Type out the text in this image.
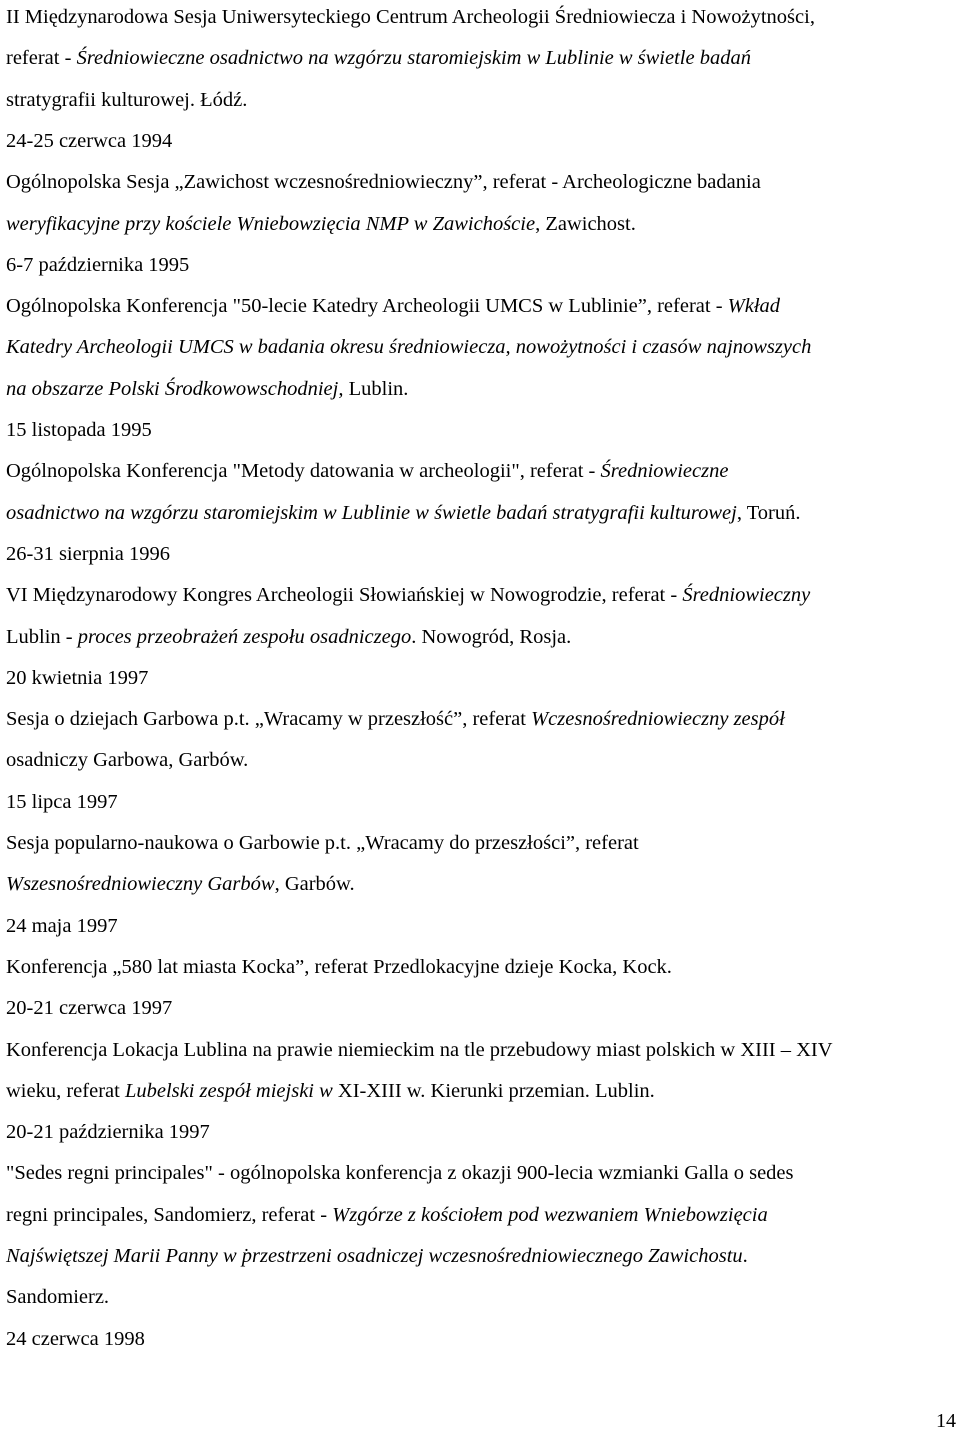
II Międzynarodowa Sesja Uniwersyteckiego Centrum Archeologii Średniowiecza i Nowożytności,
referat - Średniowieczne osadnictwo na wzgórzu staromiejskim w Lublinie w świetle badań
stratygrafii kulturowej. Łódź.
24-25 czerwca 1994
Ogólnopolska Sesja „Zawichost wczesnośredniowieczny”, referat - Archeologiczne badania
weryfikacyjne przy kościele Wniebowzięcia NMP w Zawichoście, Zawichost.
6-7 października 1995
Ogólnopolska Konferencja "50-lecie Katedry Archeologii UMCS w Lublinie”, referat - Wkład
Katedry Archeologii UMCS w badania okresu średniowiecza, nowożytności i czasów najnowszych
na obszarze Polski Środkowowschodniej, Lublin.
15 listopada 1995
Ogólnopolska Konferencja "Metody datowania w archeologii", referat - Średniowieczne
osadnictwo na wzgórzu staromiejskim w Lublinie w świetle badań stratygrafii kulturowej, Toruń.
26-31 sierpnia 1996
VI Międzynarodowy Kongres Archeologii Słowiańskiej w Nowogrodzie, referat - Średniowieczny
Lublin - proces przeobrażeń zespołu osadniczego. Nowogród, Rosja.
20 kwietnia 1997
Sesja o dziejach Garbowa p.t. „Wracamy w przeszłość”, referat Wczesnośredniowieczny zespół
osadniczy Garbowa, Garbów.
15 lipca 1997
Sesja popularno-naukowa o Garbowie p.t. „Wracamy do przeszłości”, referat
Wszesnośredniowieczny Garbów, Garbów.
24 maja 1997
Konferencja „580 lat miasta Kocka”, referat Przedlokacyjne dzieje Kocka, Kock.
20-21 czerwca 1997
Konferencja Lokacja Lublina na prawie niemieckim na tle przebudowy miast polskich w XIII – XIV
wieku, referat Lubelski zespół miejski w XI-XIII w. Kierunki przemian. Lublin.
20-21 października 1997
"Sedes regni principales" - ogólnopolska konferencja z okazji 900-lecia wzmianki Galla o sedes
regni principales, Sandomierz, referat - Wzgórze z kościołem pod wezwaniem Wniebowzięcia
Najświętszej Marii Panny w ̇przestrzeni osadniczej wczesnośredniowiecznego Zawichostu.
Sandomierz.
24 czerwca 1998
14
